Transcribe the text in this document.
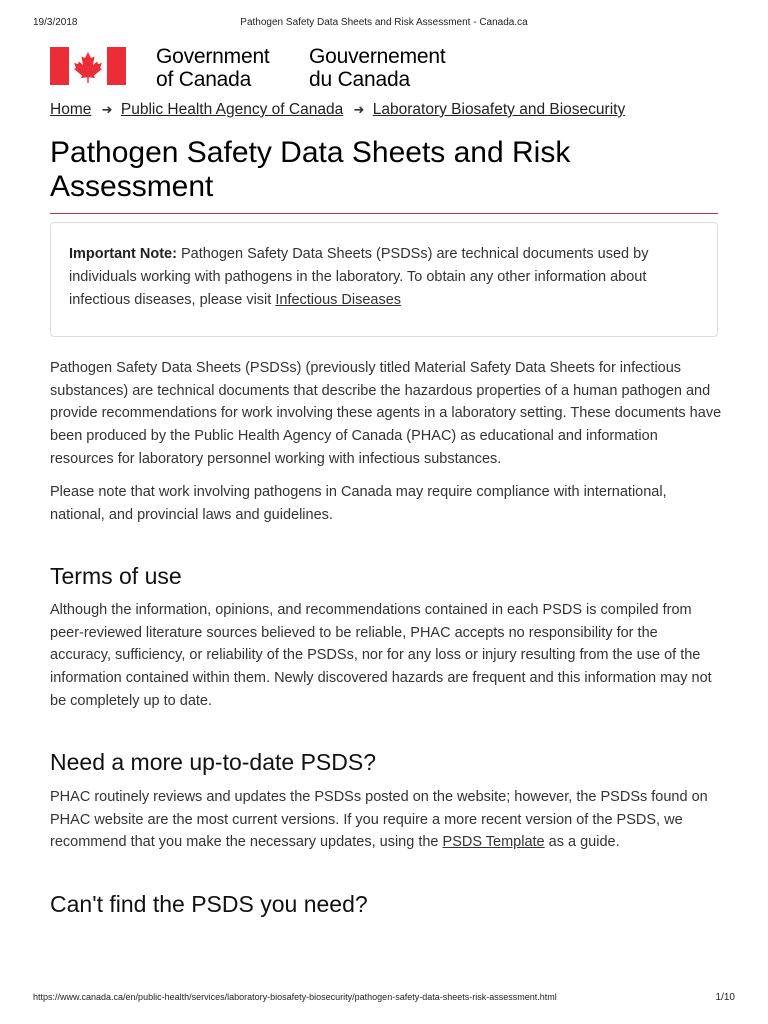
19/3/2018	Pathogen Safety Data Sheets and Risk Assessment - Canada.ca
Government
of Canada
Gouvernement
du Canada
Home ➜ Public Health Agency of Canada ➜ Laboratory Biosafety and Biosecurity
Pathogen Safety Data Sheets and Risk Assessment
Important Note: Pathogen Safety Data Sheets (PSDSs) are technical documents used by individuals working with pathogens in the laboratory. To obtain any other information about infectious diseases, please visit Infectious Diseases

Pathogen Safety Data Sheets (PSDSs) (previously titled Material Safety Data Sheets for infectious substances) are technical documents that describe the hazardous properties of a human pathogen and provide recommendations for work involving these agents in a laboratory setting. These documents have been produced by the Public Health Agency of Canada (PHAC) as educational and information resources for laboratory personnel working with infectious substances.

Please note that work involving pathogens in Canada may require compliance with international, national, and provincial laws and guidelines.

Terms of use

Although the information, opinions, and recommendations contained in each PSDS is compiled from peer-reviewed literature sources believed to be reliable, PHAC accepts no responsibility for the accuracy, sufficiency, or reliability of the PSDSs, nor for any loss or injury resulting from the use of the information contained within them. Newly discovered hazards are frequent and this information may not be completely up to date.

Need a more up-to-date PSDS?

PHAC routinely reviews and updates the PSDSs posted on the website; however, the PSDSs found on PHAC website are the most current versions. If you require a more recent version of the PSDS, we recommend that you make the necessary updates, using the PSDS Template as a guide.

Can't find the PSDS you need?
https://www.canada.ca/en/public-health/services/laboratory-biosafety-biosecurity/pathogen-safety-data-sheets-risk-assessment.html	1/10
